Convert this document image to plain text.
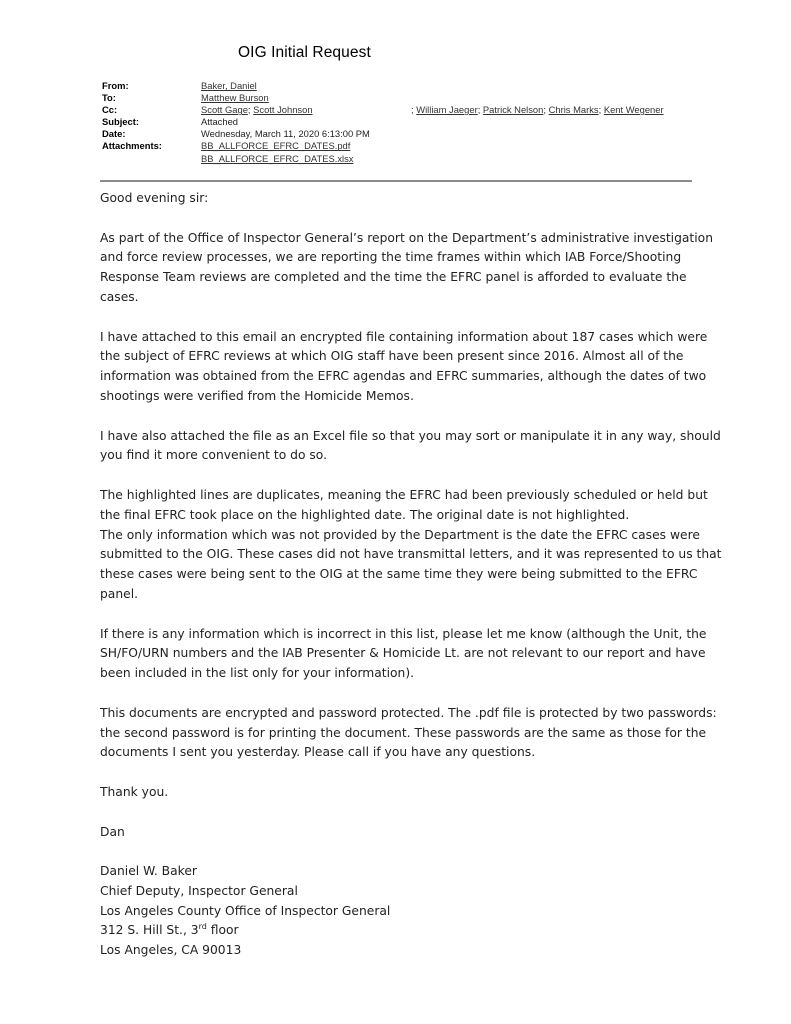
OIG Initial Request
From:	Baker, Daniel
To:	Matthew Burson
Cc:	Scott Gage; Scott Johnson	; William Jaeger; Patrick Nelson; Chris Marks; Kent Wegener
Subject:	Attached
Date:	Wednesday, March 11, 2020 6:13:00 PM
Attachments:	BB_ALLFORCE_EFRC_DATES.pdf
BB_ALLFORCE_EFRC_DATES.xlsx

Good evening sir:

As part of the Office of Inspector General’s report on the Department’s administrative investigation
and force review processes, we are reporting the time frames within which IAB Force/Shooting
Response Team reviews are completed and the time the EFRC panel is afforded to evaluate the
cases.

I have attached to this email an encrypted file containing information about 187 cases which were
the subject of EFRC reviews at which OIG staff have been present since 2016. Almost all of the
information was obtained from the EFRC agendas and EFRC summaries, although the dates of two
shootings were verified from the Homicide Memos.

I have also attached the file as an Excel file so that you may sort or manipulate it in any way, should
you find it more convenient to do so.

The highlighted lines are duplicates, meaning the EFRC had been previously scheduled or held but
the final EFRC took place on the highlighted date. The original date is not highlighted.
The only information which was not provided by the Department is the date the EFRC cases were
submitted to the OIG. These cases did not have transmittal letters, and it was represented to us that
these cases were being sent to the OIG at the same time they were being submitted to the EFRC
panel.

If there is any information which is incorrect in this list, please let me know (although the Unit, the
SH/FO/URN numbers and the IAB Presenter & Homicide Lt. are not relevant to our report and have
been included in the list only for your information).

This documents are encrypted and password protected. The .pdf file is protected by two passwords:
the second password is for printing the document. These passwords are the same as those for the
documents I sent you yesterday. Please call if you have any questions.

Thank you.

Dan

Daniel W. Baker
Chief Deputy, Inspector General
Los Angeles County Office of Inspector General
312 S. Hill St., 3rd floor
Los Angeles, CA 90013
